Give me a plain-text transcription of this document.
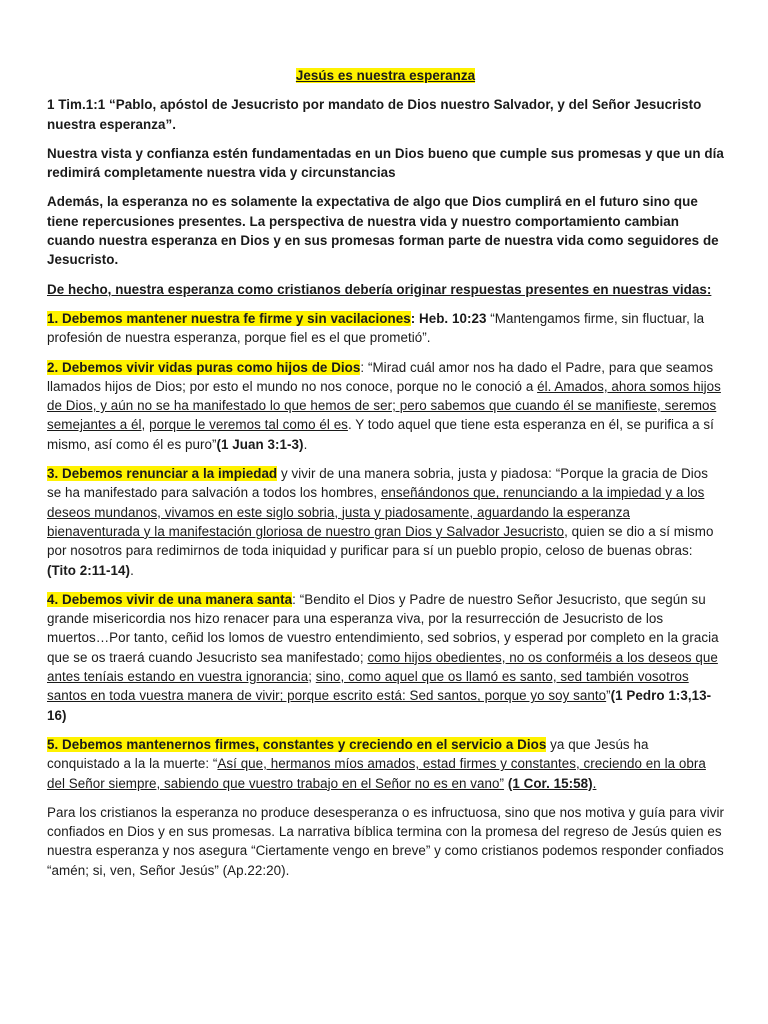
Jesús es nuestra esperanza

1 Tim.1:1 “Pablo, apóstol de Jesucristo por mandato de Dios nuestro Salvador, y del Señor Jesucristo nuestra esperanza”.

Nuestra vista y confianza estén fundamentadas en un Dios bueno que cumple sus promesas y que un día redimirá completamente nuestra vida y circunstancias

Además, la esperanza no es solamente la expectativa de algo que Dios cumplirá en el futuro sino que tiene repercusiones presentes. La perspectiva de nuestra vida y nuestro comportamiento cambian cuando nuestra esperanza en Dios y en sus promesas forman parte de nuestra vida como seguidores de Jesucristo.

De hecho, nuestra esperanza como cristianos debería originar respuestas presentes en nuestras vidas:

1. Debemos mantener nuestra fe firme y sin vacilaciones: Heb. 10:23 “Mantengamos firme, sin fluctuar, la profesión de nuestra esperanza, porque fiel es el que prometió”.

2. Debemos vivir vidas puras como hijos de Dios: “Mirad cuál amor nos ha dado el Padre, para que seamos llamados hijos de Dios; por esto el mundo no nos conoce, porque no le conoció a él. Amados, ahora somos hijos de Dios, y aún no se ha manifestado lo que hemos de ser; pero sabemos que cuando él se manifieste, seremos semejantes a él, porque le veremos tal como él es. Y todo aquel que tiene esta esperanza en él, se purifica a sí mismo, así como él es puro”(1 Juan 3:1-3).

3. Debemos renunciar a la impiedad y vivir de una manera sobria, justa y piadosa: “Porque la gracia de Dios se ha manifestado para salvación a todos los hombres, enseñándonos que, renunciando a la impiedad y a los deseos mundanos, vivamos en este siglo sobria, justa y piadosamente, aguardando la esperanza bienaventurada y la manifestación gloriosa de nuestro gran Dios y Salvador Jesucristo, quien se dio a sí mismo por nosotros para redimirnos de toda iniquidad y purificar para sí un pueblo propio, celoso de buenas obras: (Tito 2:11-14).

4. Debemos vivir de una manera santa: “Bendito el Dios y Padre de nuestro Señor Jesucristo, que según su grande misericordia nos hizo renacer para una esperanza viva, por la resurrección de Jesucristo de los muertos…Por tanto, ceñid los lomos de vuestro entendimiento, sed sobrios, y esperad por completo en la gracia que se os traerá cuando Jesucristo sea manifestado; como hijos obedientes, no os conforméis a los deseos que antes teníais estando en vuestra ignorancia; sino, como aquel que os llamó es santo, sed también vosotros santos en toda vuestra manera de vivir; porque escrito está: Sed santos, porque yo soy santo”(1 Pedro 1:3,13-16)

5. Debemos mantenernos firmes, constantes y creciendo en el servicio a Dios ya que Jesús ha conquistado a la la muerte: “Así que, hermanos míos amados, estad firmes y constantes, creciendo en la obra del Señor siempre, sabiendo que vuestro trabajo en el Señor no es en vano” (1 Cor. 15:58).

Para los cristianos la esperanza no produce desesperanza o es infructuosa, sino que nos motiva y guía para vivir confiados en Dios y en sus promesas. La narrativa bíblica termina con la promesa del regreso de Jesús quien es nuestra esperanza y nos asegura “Ciertamente vengo en breve” y como cristianos podemos responder confiados “amén; si, ven, Señor Jesús” (Ap.22:20).
